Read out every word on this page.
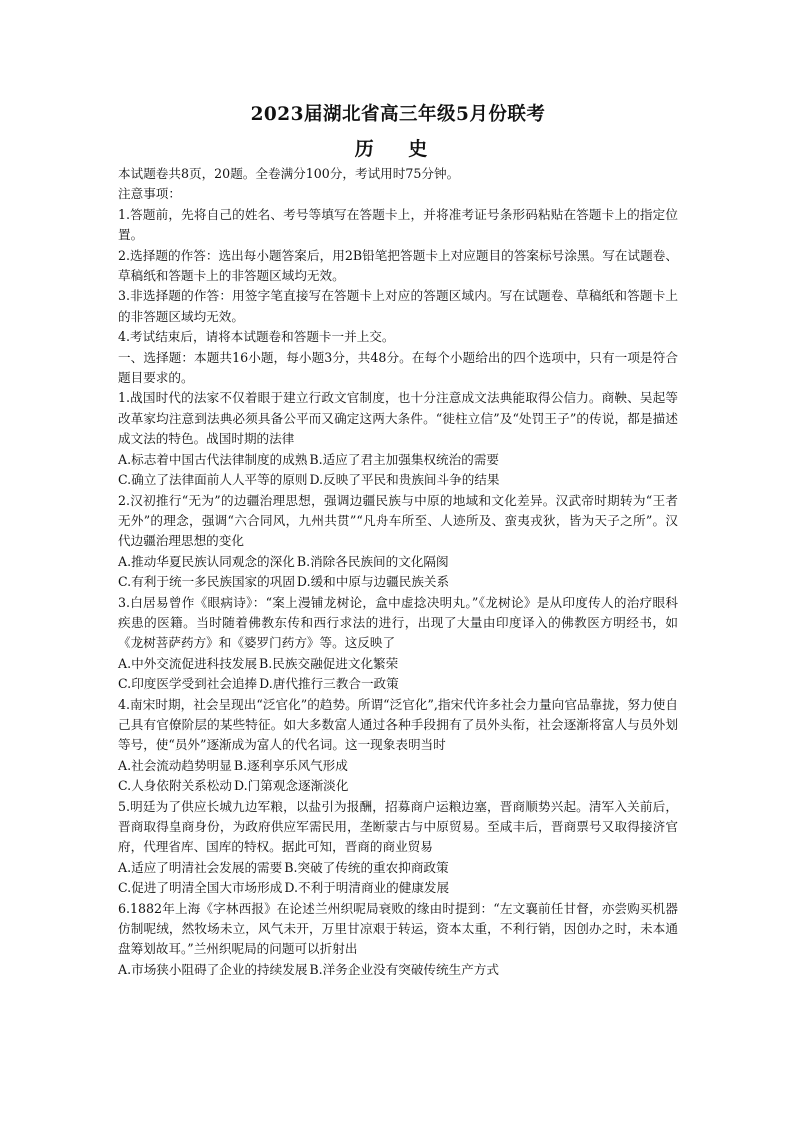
2023届湖北省高三年级5月份联考
历 史

本试题卷共8页，20题。全卷满分100分，考试用时75分钟。

注意事项：

1.答题前，先将自己的姓名、考号等填写在答题卡上，并将准考证号条形码粘贴在答题卡上的指定位置。

2.选择题的作答：选出每小题答案后，用2B铅笔把答题卡上对应题目的答案标号涂黑。写在试题卷、草稿纸和答题卡上的非答题区域均无效。

3.非选择题的作答：用签字笔直接写在答题卡上对应的答题区域内。写在试题卷、草稿纸和答题卡上的非答题区域均无效。

4.考试结束后，请将本试题卷和答题卡一并上交。

一、选择题：本题共16小题，每小题3分，共48分。在每个小题给出的四个选项中，只有一项是符合题目要求的。

1.战国时代的法家不仅着眼于建立行政文官制度，也十分注意成文法典能取得公信力。商鞅、吴起等改革家均注意到法典必须具备公平而又确定这两大条件。“徙柱立信”及“处罚王子”的传说，都是描述成文法的特色。战国时期的法律

A.标志着中国古代法律制度的成熟 B.适应了君主加强集权统治的需要

C.确立了法律面前人人平等的原则 D.反映了平民和贵族间斗争的结果

2.汉初推行“无为”的边疆治理思想，强调边疆民族与中原的地域和文化差异。汉武帝时期转为“王者无外”的理念，强调“六合同风，九州共贯”“凡舟车所至、人迹所及、蛮夷戎狄，皆为天子之所”。汉代边疆治理思想的变化

A.推动华夏民族认同观念的深化 B.消除各民族间的文化隔阂

C.有利于统一多民族国家的巩固 D.缓和中原与边疆民族关系

3.白居易曾作《眼病诗》：“案上漫铺龙树论，盒中虚捻决明丸。”《龙树论》是从印度传人的治疗眼科疾患的医籍。当时随着佛教东传和西行求法的进行，出现了大量由印度译入的佛教医方明经书，如《龙树菩萨药方》和《婆罗门药方》等。这反映了

A.中外交流促进科技发展 B.民族交融促进文化繁荣

C.印度医学受到社会追捧 D.唐代推行三教合一政策

4.南宋时期，社会呈现出“泛官化”的趋势。所谓“泛官化”,指宋代许多社会力量向官品靠拢，努力使自己具有官僚阶层的某些特征。如大多数富人通过各种手段拥有了员外头衔，社会逐渐将富人与员外划等号，使“员外”逐渐成为富人的代名词。这一现象表明当时

A.社会流动趋势明显 B.逐利享乐风气形成

C.人身依附关系松动 D.门第观念逐渐淡化

5.明廷为了供应长城九边军粮，以盐引为报酬，招募商户运粮边塞，晋商顺势兴起。清军入关前后，晋商取得皇商身份，为政府供应军需民用，垄断蒙古与中原贸易。至咸丰后，晋商票号又取得接济官府，代理省库、国库的特权。据此可知，晋商的商业贸易

A.适应了明清社会发展的需要 B.突破了传统的重农抑商政策

C.促进了明清全国大市场形成 D.不利于明清商业的健康发展

6.1882年上海《字林西报》在论述兰州织呢局衰败的缘由时提到：“左文襄前任甘督，亦尝购买机器仿制呢绒，然牧场未立，风气未开，万里甘凉艰于转运，资本太重，不利行销，因创办之时，未本通盘筹划故耳。”兰州织呢局的问题可以折射出

A.市场狭小阻碍了企业的持续发展 B.洋务企业没有突破传统生产方式
